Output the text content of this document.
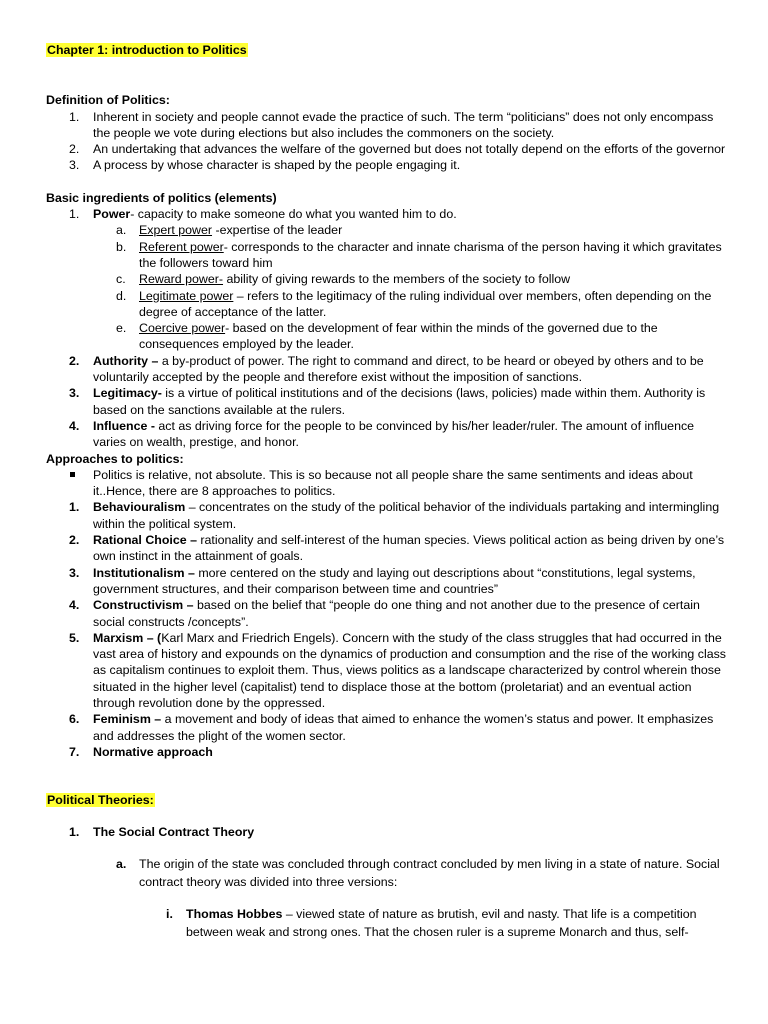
Chapter 1: introduction to Politics
Definition of Politics:
1. Inherent in society and people cannot evade the practice of such. The term “politicians” does not only encompass the people we vote during elections but also includes the commoners on the society.
2. An undertaking that advances the welfare of the governed but does not totally depend on the efforts of the governor
3. A process by whose character is shaped by the people engaging it.
Basic ingredients of politics (elements)
1. Power- capacity to make someone do what you wanted him to do.
a. Expert power -expertise of the leader
b. Referent power- corresponds to the character and innate charisma of the person having it which gravitates the followers toward him
c. Reward power- ability of giving rewards to the members of the society to follow
d. Legitimate power – refers to the legitimacy of the ruling individual over members, often depending on the degree of acceptance of the latter.
e. Coercive power- based on the development of fear within the minds of the governed due to the consequences employed by the leader.
2. Authority – a by-product of power. The right to command and direct, to be heard or obeyed by others and to be voluntarily accepted by the people and therefore exist without the imposition of sanctions.
3. Legitimacy- is a virtue of political institutions and of the decisions (laws, policies) made within them. Authority is based on the sanctions available at the rulers.
4. Influence - act as driving force for the people to be convinced by his/her leader/ruler. The amount of influence varies on wealth, prestige, and honor.
Approaches to politics:
Politics is relative, not absolute. This is so because not all people share the same sentiments and ideas about it..Hence, there are 8 approaches to politics.
1. Behaviouralism – concentrates on the study of the political behavior of the individuals partaking and intermingling within the political system.
2. Rational Choice – rationality and self-interest of the human species. Views political action as being driven by one’s own instinct in the attainment of goals.
3. Institutionalism – more centered on the study and laying out descriptions about “constitutions, legal systems, government structures, and their comparison between time and countries”
4. Constructivism – based on the belief that “people do one thing and not another due to the presence of certain social constructs /concepts”.
5. Marxism – (Karl Marx and Friedrich Engels). Concern with the study of the class struggles that had occurred in the vast area of history and expounds on the dynamics of production and consumption and the rise of the working class as capitalism continues to exploit them. Thus, views politics as a landscape characterized by control wherein those situated in the higher level (capitalist) tend to displace those at the bottom (proletariat) and an eventual action through revolution done by the oppressed.
6. Feminism – a movement and body of ideas that aimed to enhance the women’s status and power. It emphasizes and addresses the plight of the women sector.
7. Normative approach
Political Theories:
1. The Social Contract Theory
a. The origin of the state was concluded through contract concluded by men living in a state of nature. Social contract theory was divided into three versions:
i. Thomas Hobbes – viewed state of nature as brutish, evil and nasty. That life is a competition between weak and strong ones. That the chosen ruler is a supreme Monarch and thus, self-
